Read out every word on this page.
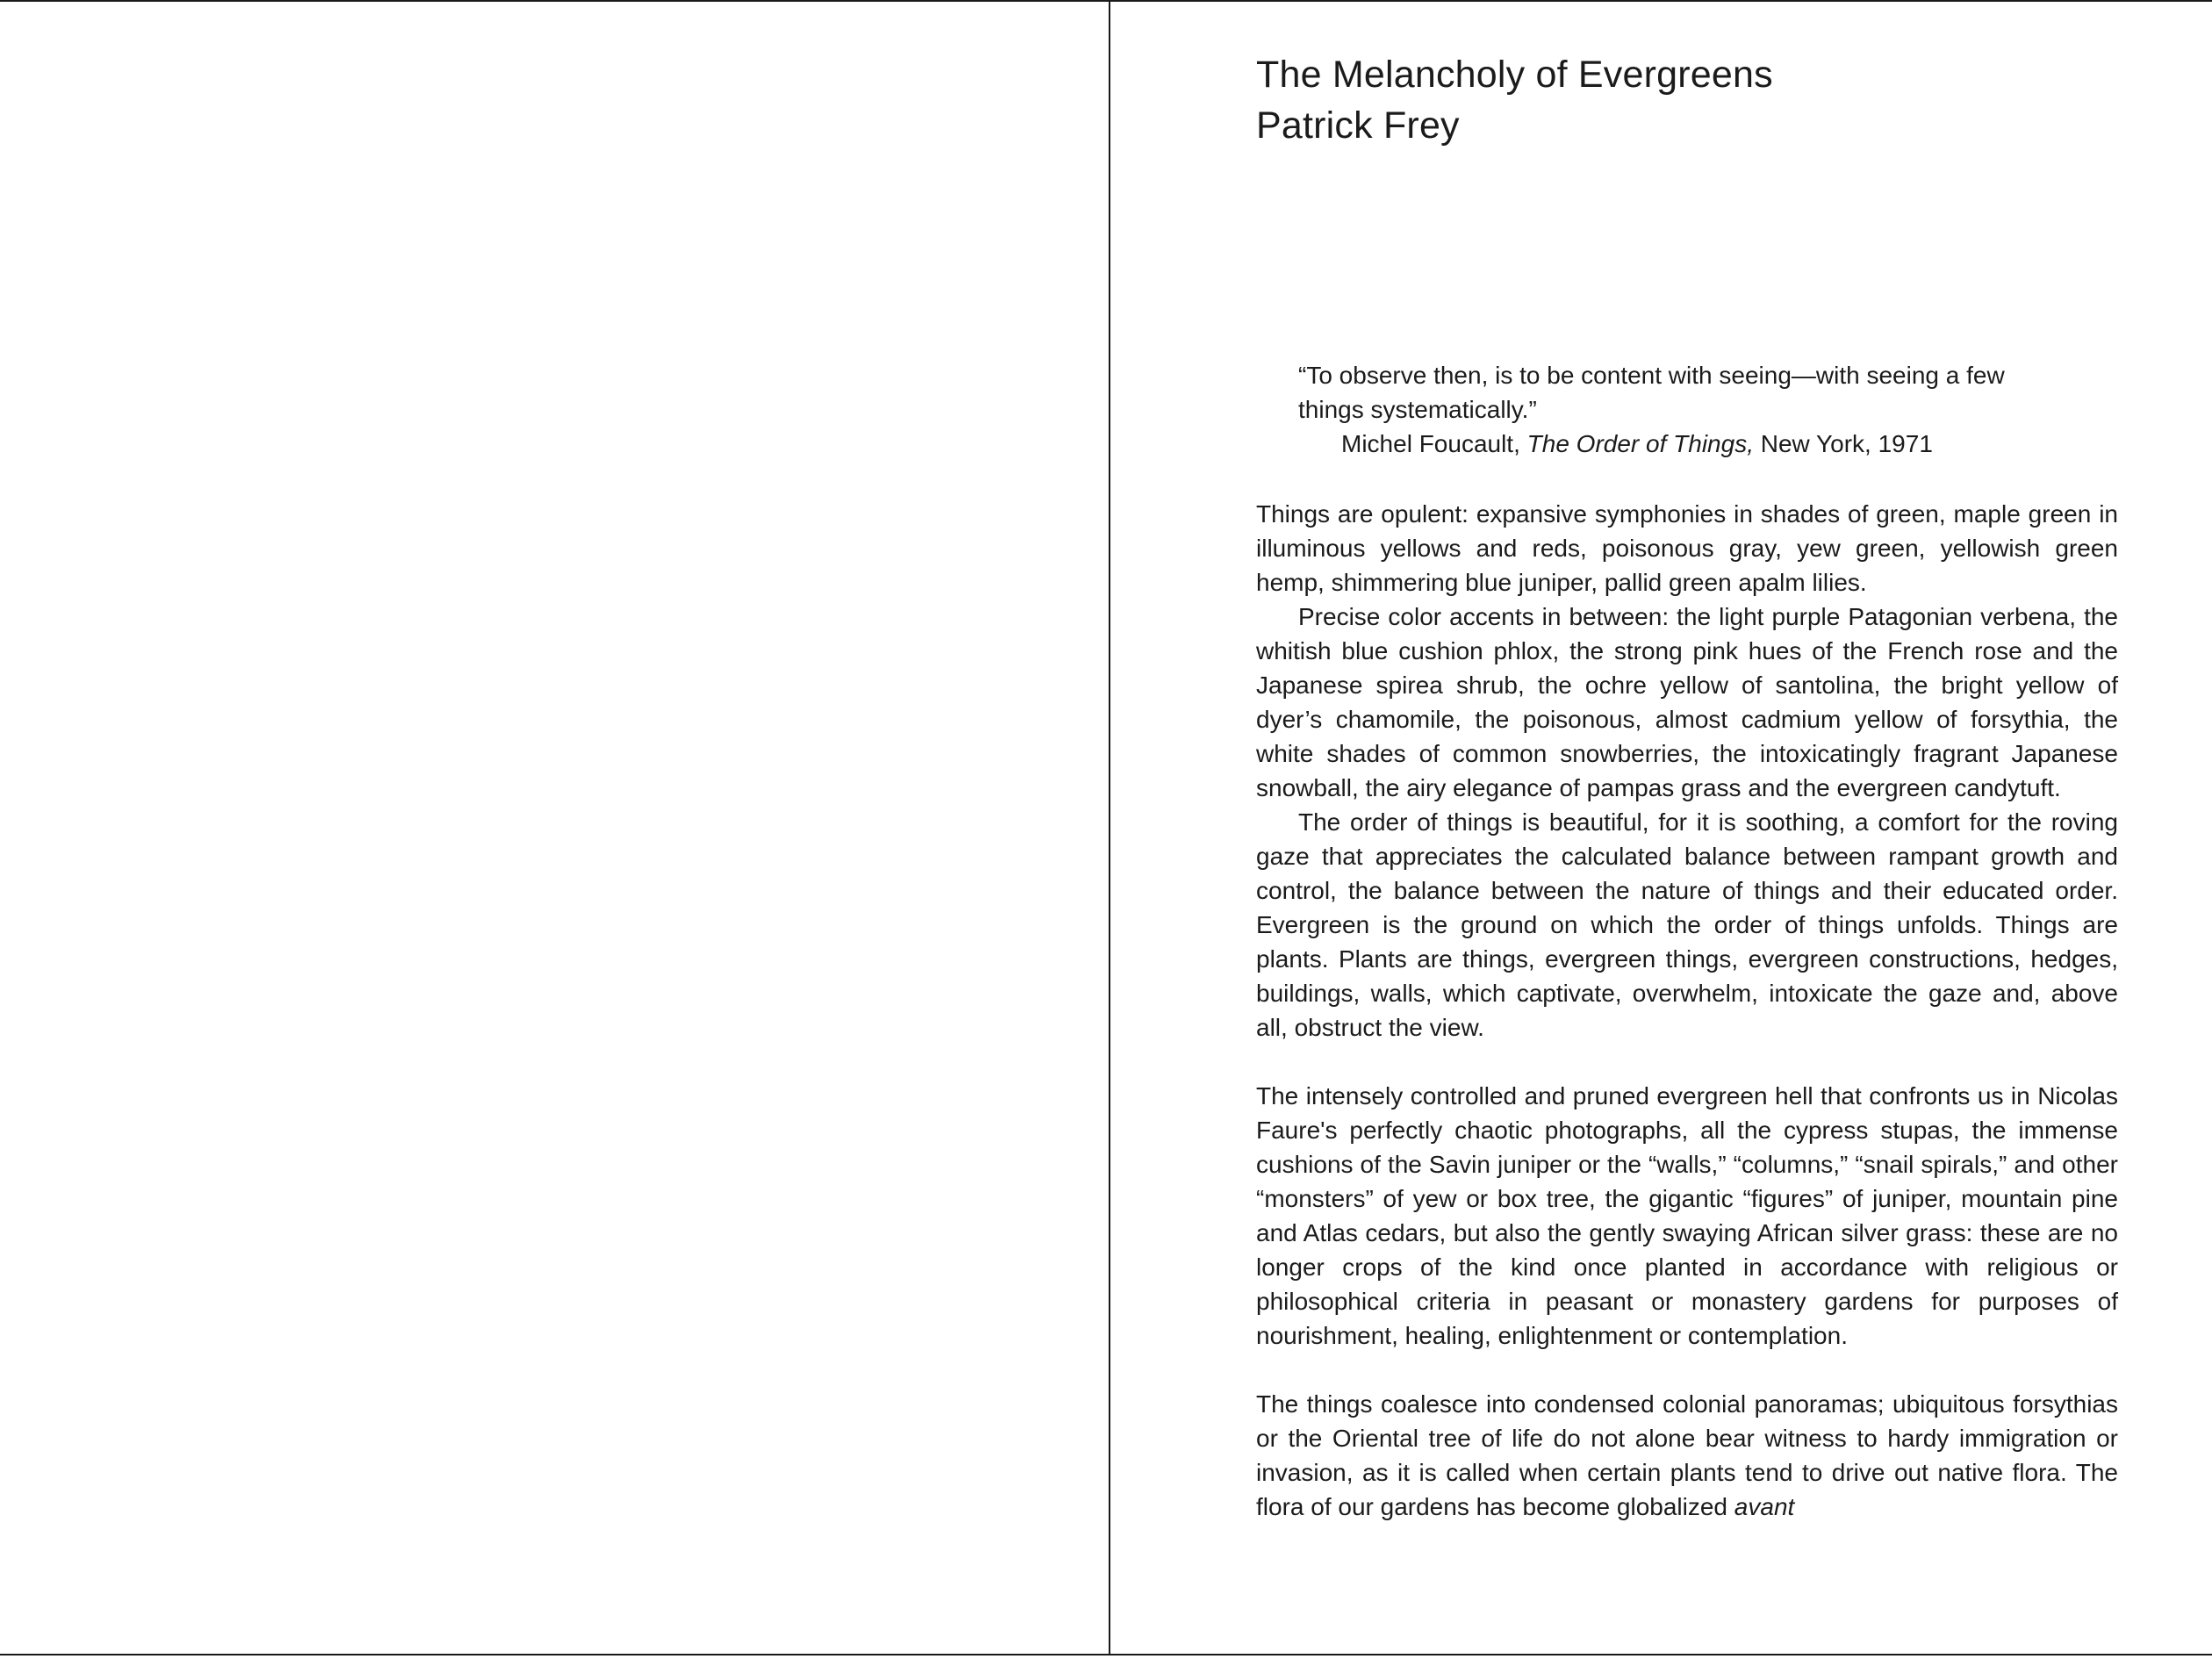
The Melancholy of Evergreens
Patrick Frey
“To observe then, is to be content with seeing—with seeing a few things systematically.”
Michel Foucault, The Order of Things, New York, 1971

Things are opulent: expansive symphonies in shades of green, maple green in illuminous yellows and reds, poisonous gray, yew green, yellowish green hemp, shimmering blue juniper, pallid green apalm lilies.

Precise color accents in between: the light purple Patagonian verbena, the whitish blue cushion phlox, the strong pink hues of the French rose and the Japanese spirea shrub, the ochre yellow of santolina, the bright yellow of dyer’s chamomile, the poisonous, almost cadmium yellow of forsythia, the white shades of common snowberries, the intoxicatingly fragrant Japanese snowball, the airy elegance of pampas grass and the evergreen candytuft.

The order of things is beautiful, for it is soothing, a comfort for the roving gaze that appreciates the calculated balance between rampant growth and control, the balance between the nature of things and their educated order. Evergreen is the ground on which the order of things unfolds. Things are plants. Plants are things, evergreen things, evergreen constructions, hedges, buildings, walls, which captivate, overwhelm, intoxicate the gaze and, above all, obstruct the view.

The intensely controlled and pruned evergreen hell that confronts us in Nicolas Faure's perfectly chaotic photographs, all the cypress stupas, the immense cushions of the Savin juniper or the “walls,” “columns,” “snail spirals,” and other “monsters” of yew or box tree, the gigantic “figures” of juniper, mountain pine and Atlas cedars, but also the gently swaying African silver grass: these are no longer crops of the kind once planted in accordance with religious or philosophical criteria in peasant or monastery gardens for purposes of nourishment, healing, enlightenment or contemplation.

The things coalesce into condensed colonial panoramas; ubiquitous forsythias or the Oriental tree of life do not alone bear witness to hardy immigration or invasion, as it is called when certain plants tend to drive out native flora. The flora of our gardens has become globalized avant
